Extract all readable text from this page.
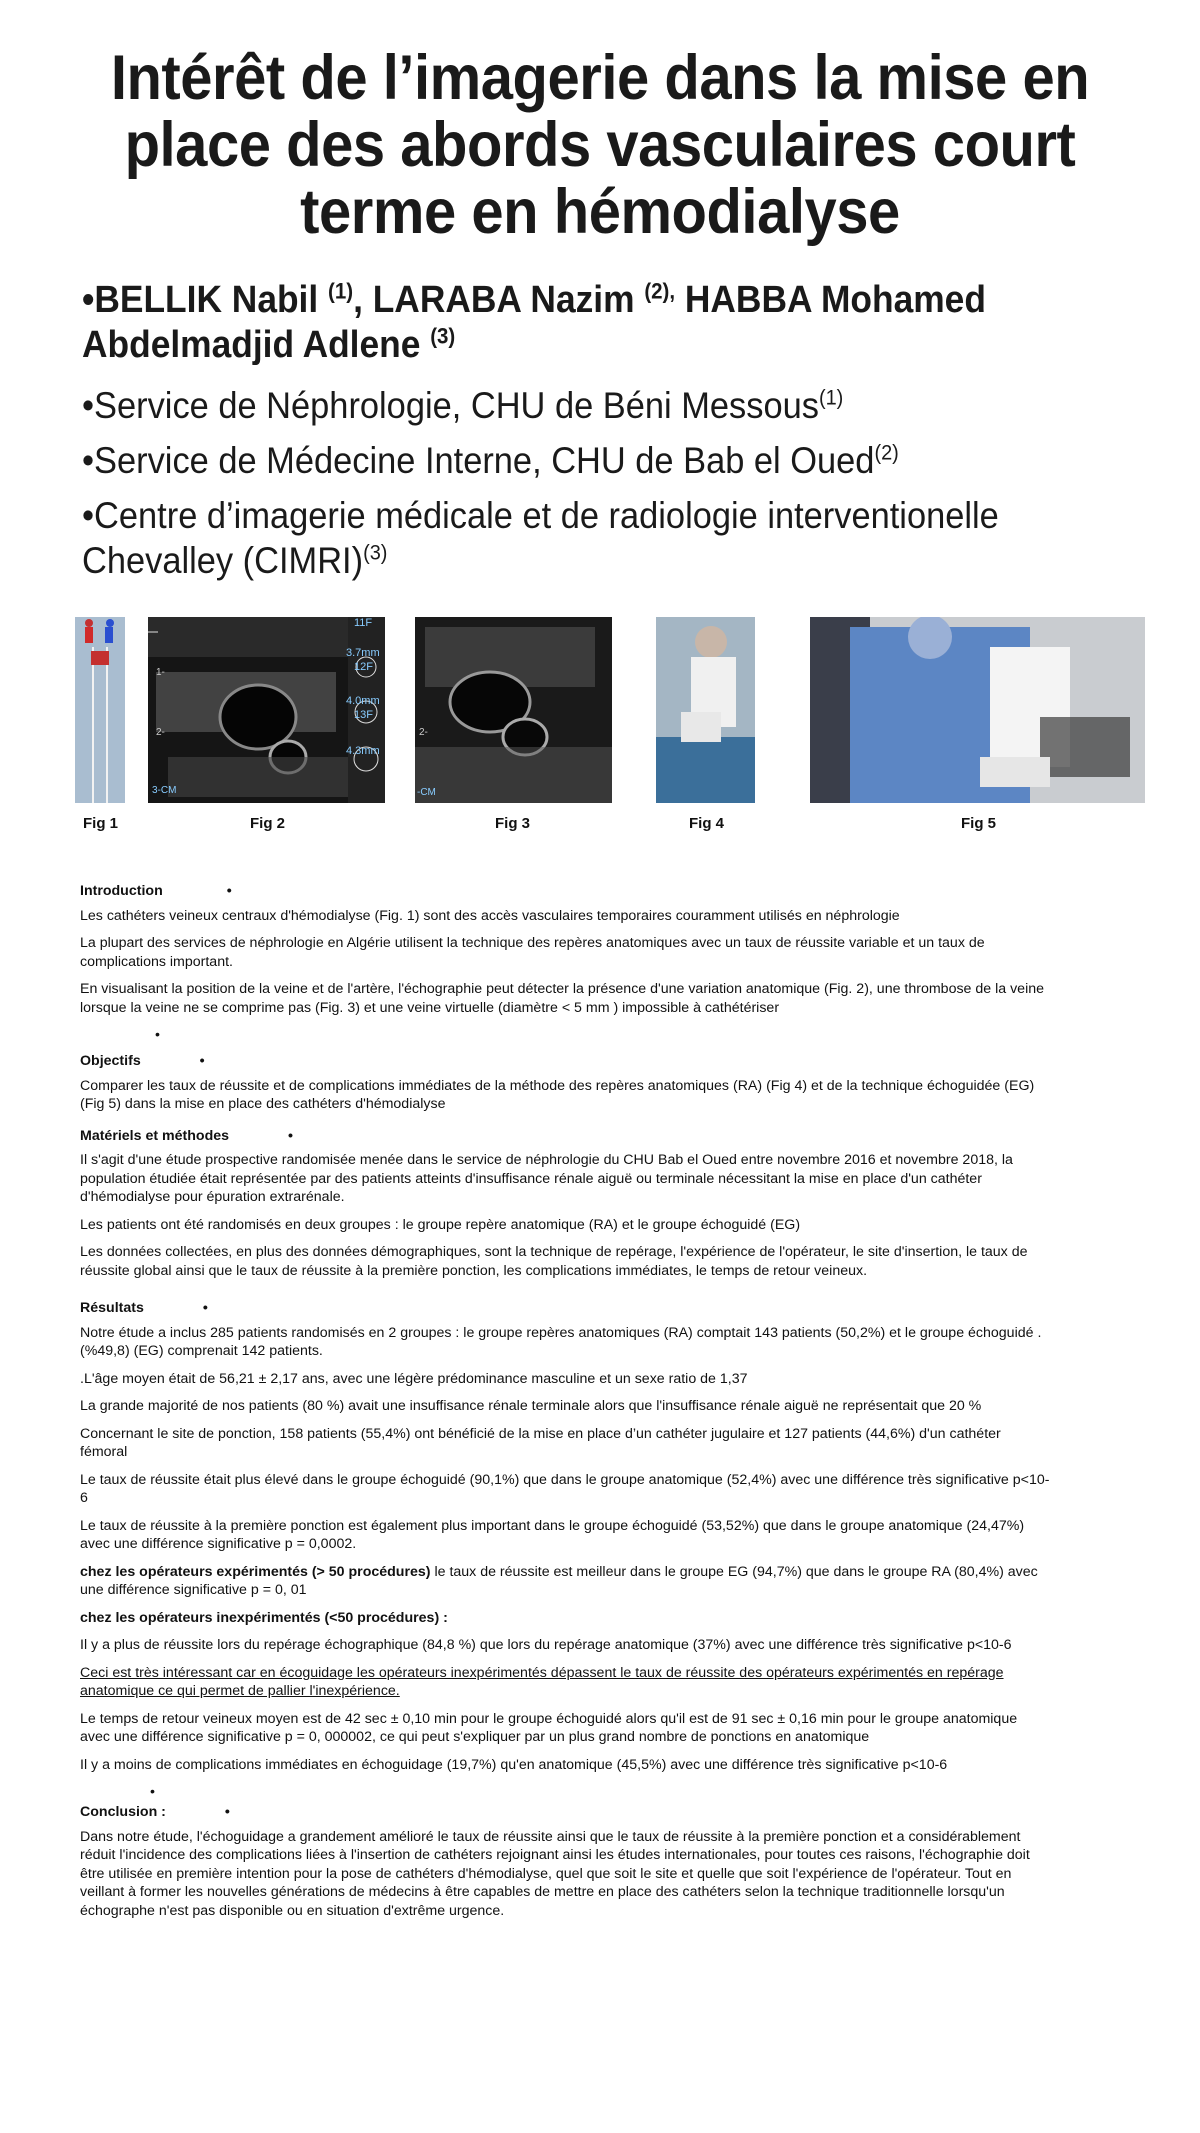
Intérêt de l’imagerie dans la mise en place des abords vasculaires court terme en hémodialyse
•BELLIK Nabil $^{(1)}$, LARABA Nazim $^{(2),}$ HABBA Mohamed
Abdelmadjid Adlene $^{(3)}$
•Service de Néphrologie, CHU de Béni Messous$^{(1)}$
•Service de Médecine Interne, CHU de Bab el Oued$^{(2)}$
•Centre d’imagerie médicale et de radiologie interventionelle Chevalley (CIMRI)$^{(3)}$
11F
3.7mm
12F
4.0mm
13F
4.3mm
3-CM
1-
2-	2-
-CM
Fig 1	Fig 2	Fig 3	Fig 4	Fig 5
Introduction	•
Les cathéters veineux centraux d'hémodialyse (Fig. 1) sont des accès vasculaires temporaires couramment utilisés en néphrologie
La plupart des services de néphrologie en Algérie utilisent la technique des repères anatomiques avec un taux de réussite variable et un taux de complications important.
En visualisant la position de la veine et de l'artère, l'échographie peut détecter la présence d'une variation anatomique (Fig. 2), une thrombose de la veine lorsque la veine ne se comprime pas (Fig. 3) et une veine virtuelle (diamètre < 5 mm ) impossible à cathétériser
•
Objectifs	•
Comparer les taux de réussite et de complications immédiates de la méthode des repères anatomiques (RA) (Fig 4) et de la technique échoguidée (EG) (Fig 5) dans la mise en place des cathéters d'hémodialyse
Matériels et méthodes	•
Il s'agit d'une étude prospective randomisée menée dans le service de néphrologie du CHU Bab el Oued entre novembre 2016 et novembre 2018, la population étudiée était représentée par des patients atteints d'insuffisance rénale aiguë ou terminale nécessitant la mise en place d'un cathéter d'hémodialyse pour épuration extrarénale.
Les patients ont été randomisés en deux groupes : le groupe repère anatomique (RA) et le groupe échoguidé (EG)
Les données collectées, en plus des données démographiques, sont la technique de repérage, l'expérience de l'opérateur, le site d'insertion, le taux de réussite global ainsi que le taux de réussite à la première ponction, les complications immédiates, le temps de retour veineux.
Résultats	•
Notre étude a inclus 285 patients randomisés en 2 groupes : le groupe repères anatomiques (RA) comptait 143 patients (50,2%) et le groupe échoguidé .(%49,8) (EG) comprenait 142 patients.
.L'âge moyen était de 56,21 ± 2,17 ans, avec une légère prédominance masculine et un sexe ratio de 1,37
La grande majorité de nos patients (80 %) avait une insuffisance rénale terminale alors que l'insuffisance rénale aiguë ne représentait que 20 %
Concernant le site de ponction, 158 patients (55,4%) ont bénéficié de la mise en place d’un cathéter jugulaire et 127 patients (44,6%) d'un cathéter fémoral
Le taux de réussite était plus élevé dans le groupe échoguidé (90,1%) que dans le groupe anatomique (52,4%) avec une différence très significative p<10-6
Le taux de réussite à la première ponction est également plus important dans le groupe échoguidé (53,52%) que dans le groupe anatomique (24,47%) avec une différence significative p = 0,0002.
chez les opérateurs expérimentés (> 50 procédures) le taux de réussite est meilleur dans le groupe EG (94,7%) que dans le groupe RA (80,4%) avec une différence significative p = 0, 01
chez les opérateurs inexpérimentés (<50 procédures) :
Il y a plus de réussite lors du repérage échographique (84,8 %) que lors du repérage anatomique (37%) avec une différence très significative p<10-6
Ceci est très intéressant car en écoguidage les opérateurs inexpérimentés dépassent le taux de réussite des opérateurs expérimentés en repérage anatomique ce qui permet de pallier l'inexpérience.
Le temps de retour veineux moyen est de 42 sec ± 0,10 min pour le groupe échoguidé alors qu'il est de 91 sec ± 0,16 min pour le groupe anatomique avec une différence significative p = 0, 000002, ce qui peut s'expliquer par un plus grand nombre de ponctions en anatomique
Il y a moins de complications immédiates en échoguidage (19,7%) qu'en anatomique (45,5%) avec une différence très significative p<10-6
•
Conclusion :	•
Dans notre étude, l'échoguidage a grandement amélioré le taux de réussite ainsi que le taux de réussite à la première ponction et a considérablement réduit l'incidence des complications liées à l'insertion de cathéters rejoignant ainsi les études internationales, pour toutes ces raisons, l'échographie doit être utilisée en première intention pour la pose de cathéters d'hémodialyse, quel que soit le site et quelle que soit l'expérience de l'opérateur. Tout en veillant à former les nouvelles générations de médecins à être capables de mettre en place des cathéters selon la technique traditionnelle lorsqu'un échographe n'est pas disponible ou en situation d'extrême urgence.
